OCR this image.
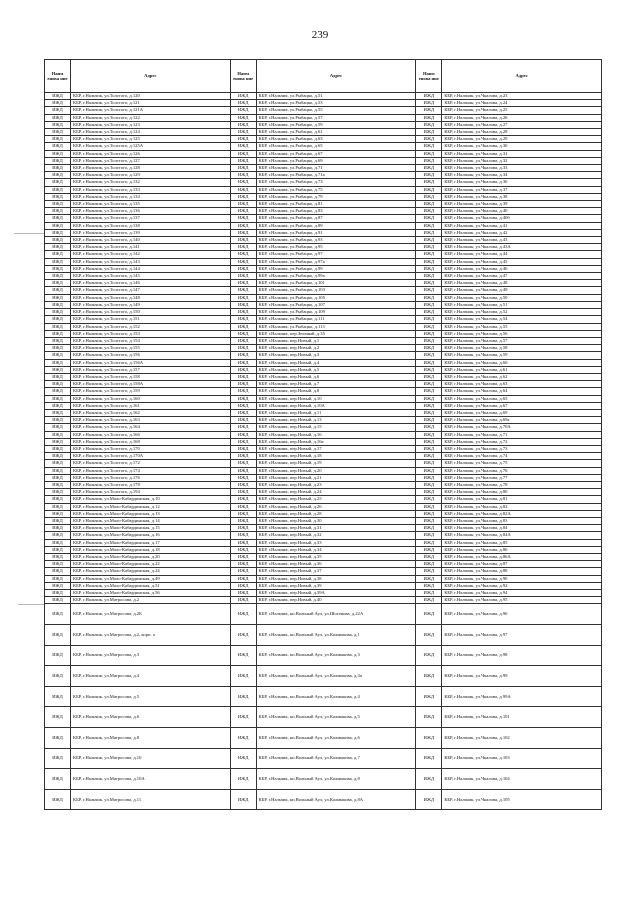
239
Наим енова ние	Адрес	Наим енова ние	Адрес	Наим енова ние	Адрес
ИЖД	КБР, г.Нальчик, ул.Толстого, д.120	ИЖД	КБР, г.Нальчик, ул.Рыбацко, д.51	ИЖД	КБР, г.Нальчик, ул.Чкалова, д.23
ИЖД	КБР, г.Нальчик, ул.Толстого, д.121	ИЖД	КБР, г.Нальчик, ул.Рыбацко, д.53	ИЖД	КБР, г.Нальчик, ул.Чкалова, д.24
ИЖД	КБР, г.Нальчик, ул.Толстого, д.121А	ИЖД	КБР, г.Нальчик, ул.Рыбацко, д.55	ИЖД	КБР, г.Нальчик, ул.Чкалова, д.25
ИЖД	КБР, г.Нальчик, ул.Толстого, д.122	ИЖД	КБР, г.Нальчик, ул.Рыбацко, д.57	ИЖД	КБР, г.Нальчик, ул.Чкалова, д.26
ИЖД	КБР, г.Нальчик, ул.Толстого, д.123	ИЖД	КБР, г.Нальчик, ул.Рыбацко, д.59	ИЖД	КБР, г.Нальчик, ул.Чкалова, д.27
ИЖД	КБР, г.Нальчик, ул.Толстого, д.124	ИЖД	КБР, г.Нальчик, ул.Рыбацко, д.61	ИЖД	КБР, г.Нальчик, ул.Чкалова, д.28
ИЖД	КБР, г.Нальчик, ул.Толстого, д.125	ИЖД	КБР, г.Нальчик, ул.Рыбацко, д.63	ИЖД	КБР, г.Нальчик, ул.Чкалова, д.29
ИЖД	КБР, г.Нальчик, ул.Толстого, д.125А	ИЖД	КБР, г.Нальчик, ул.Рыбацко, д.65	ИЖД	КБР, г.Нальчик, ул.Чкалова, д.30
ИЖД	КБР, г.Нальчик, ул.Толстого, д.126	ИЖД	КБР, г.Нальчик, ул.Рыбацко, д.67	ИЖД	КБР, г.Нальчик, ул.Чкалова, д.31
ИЖД	КБР, г.Нальчик, ул.Толстого, д.127	ИЖД	КБР, г.Нальчик, ул.Рыбацко, д.69	ИЖД	КБР, г.Нальчик, ул.Чкалова, д.32
ИЖД	КБР, г.Нальчик, ул.Толстого, д.128	ИЖД	КБР, г.Нальчик, ул.Рыбацко, д.71	ИЖД	КБР, г.Нальчик, ул.Чкалова, д.33
ИЖД	КБР, г.Нальчик, ул.Толстого, д.129	ИЖД	КБР, г.Нальчик, ул.Рыбацко, д.71а	ИЖД	КБР, г.Нальчик, ул.Чкалова, д.34
ИЖД	КБР, г.Нальчик, ул.Толстого, д.132	ИЖД	КБР, г.Нальчик, ул.Рыбацко, д.73	ИЖД	КБР, г.Нальчик, ул.Чкалова, д.36
ИЖД	КБР, г.Нальчик, ул.Толстого, д.133	ИЖД	КБР, г.Нальчик, ул.Рыбацко, д.75	ИЖД	КБР, г.Нальчик, ул.Чкалова, д.37
ИЖД	КБР, г.Нальчик, ул.Толстого, д.134	ИЖД	КБР, г.Нальчик, ул.Рыбацко, д.79	ИЖД	КБР, г.Нальчик, ул.Чкалова, д.38
ИЖД	КБР, г.Нальчик, ул.Толстого, д.135	ИЖД	КБР, г.Нальчик, ул.Рыбацко, д.81	ИЖД	КБР, г.Нальчик, ул.Чкалова, д.39
ИЖД	КБР, г.Нальчик, ул.Толстого, д.136	ИЖД	КБР, г.Нальчик, ул.Рыбацко, д.83	ИЖД	КБР, г.Нальчик, ул.Чкалова, д.40
ИЖД	КБР, г.Нальчик, ул.Толстого, д.137	ИЖД	КБР, г.Нальчик, ул.Рыбацко, д.87	ИЖД	КБР, г.Нальчик, ул.Чкалова, д.40б
ИЖД	КБР, г.Нальчик, ул.Толстого, д.138	ИЖД	КБР, г.Нальчик, ул.Рыбацко, д.89	ИЖД	КБР, г.Нальчик, ул.Чкалова, д.41
ИЖД	КБР, г.Нальчик, ул.Толстого, д.139	ИЖД	КБР, г.Нальчик, ул.Рыбацко, д.91	ИЖД	КБР, г.Нальчик, ул.Чкалова, д.42
ИЖД	КБР, г.Нальчик, ул.Толстого, д.140	ИЖД	КБР, г.Нальчик, ул.Рыбацко, д.93	ИЖД	КБР, г.Нальчик, ул.Чкалова, д.43
ИЖД	КБР, г.Нальчик, ул.Толстого, д.141	ИЖД	КБР, г.Нальчик, ул.Рыбацко, д.95	ИЖД	КБР, г.Нальчик, ул.Чкалова, д.43А
ИЖД	КБР, г.Нальчик, ул.Толстого, д.142	ИЖД	КБР, г.Нальчик, ул.Рыбацко, д.97	ИЖД	КБР, г.Нальчик, ул.Чкалова, д.44
ИЖД	КБР, г.Нальчик, ул.Толстого, д.143	ИЖД	КБР, г.Нальчик, ул.Рыбацко, д.97а	ИЖД	КБР, г.Нальчик, ул.Чкалова, д.45
ИЖД	КБР, г.Нальчик, ул.Толстого, д.144	ИЖД	КБР, г.Нальчик, ул.Рыбацко, д.99	ИЖД	КБР, г.Нальчик, ул.Чкалова, д.46
ИЖД	КБР, г.Нальчик, ул.Толстого, д.145	ИЖД	КБР, г.Нальчик, ул.Рыбацко, д.99а	ИЖД	КБР, г.Нальчик, ул.Чкалова, д.47
ИЖД	КБР, г.Нальчик, ул.Толстого, д.146	ИЖД	КБР, г.Нальчик, ул.Рыбацко, д.101	ИЖД	КБР, г.Нальчик, ул.Чкалова, д.48
ИЖД	КБР, г.Нальчик, ул.Толстого, д.147	ИЖД	КБР, г.Нальчик, ул.Рыбацко, д.103	ИЖД	КБР, г.Нальчик, ул.Чкалова, д.49
ИЖД	КБР, г.Нальчик, ул.Толстого, д.148	ИЖД	КБР, г.Нальчик, ул.Рыбацко, д.105	ИЖД	КБР, г.Нальчик, ул.Чкалова, д.50
ИЖД	КБР, г.Нальчик, ул.Толстого, д.149	ИЖД	КБР, г.Нальчик, ул.Рыбацко, д.107	ИЖД	КБР, г.Нальчик, ул.Чкалова, д.51
ИЖД	КБР, г.Нальчик, ул.Толстого, д.150	ИЖД	КБР, г.Нальчик, ул.Рыбацко, д.109	ИЖД	КБР, г.Нальчик, ул.Чкалова, д.52
ИЖД	КБР, г.Нальчик, ул.Толстого, д.151	ИЖД	КБР, г.Нальчик, ул.Рыбацко, д.111	ИЖД	КБР, г.Нальчик, ул.Чкалова, д.54
ИЖД	КБР, г.Нальчик, ул.Толстого, д.152	ИЖД	КБР, г.Нальчик, ул.Рыбацко, д.113	ИЖД	КБР, г.Нальчик, ул.Чкалова, д.55
ИЖД	КБР, г.Нальчик, ул.Толстого, д.153	ИЖД	КБР, г.Нальчик, пер.Зеленый, д.35	ИЖД	КБР, г.Нальчик, ул.Чкалова, д.56
ИЖД	КБР, г.Нальчик, ул.Толстого, д.154	ИЖД	КБР, г.Нальчик, пер.Новый, д.1	ИЖД	КБР, г.Нальчик, ул.Чкалова, д.57
ИЖД	КБР, г.Нальчик, ул.Толстого, д.155	ИЖД	КБР, г.Нальчик, пер.Новый, д.2	ИЖД	КБР, г.Нальчик, ул.Чкалова, д.58
ИЖД	КБР, г.Нальчик, ул.Толстого, д.156	ИЖД	КБР, г.Нальчик, пер.Новый, д.3	ИЖД	КБР, г.Нальчик, ул.Чкалова, д.59
ИЖД	КБР, г.Нальчик, ул.Толстого, д.156А	ИЖД	КБР, г.Нальчик, пер.Новый, д.4	ИЖД	КБР, г.Нальчик, ул.Чкалова, д.60
ИЖД	КБР, г.Нальчик, ул.Толстого, д.157	ИЖД	КБР, г.Нальчик, пер.Новый, д.5	ИЖД	КБР, г.Нальчик, ул.Чкалова, д.61
ИЖД	КБР, г.Нальчик, ул.Толстого, д.158	ИЖД	КБР, г.Нальчик, пер.Новый, д.6	ИЖД	КБР, г.Нальчик, ул.Чкалова, д.62
ИЖД	КБР, г.Нальчик, ул.Толстого, д.158А	ИЖД	КБР, г.Нальчик, пер.Новый, д.7	ИЖД	КБР, г.Нальчик, ул.Чкалова, д.63
ИЖД	КБР, г.Нальчик, ул.Толстого, д.159	ИЖД	КБР, г.Нальчик, пер.Новый, д.8	ИЖД	КБР, г.Нальчик, ул.Чкалова, д.64
ИЖД	КБР, г.Нальчик, ул.Толстого, д.160	ИЖД	КБР, г.Нальчик, пер.Новый, д.10	ИЖД	КБР, г.Нальчик, ул.Чкалова, д.65
ИЖД	КБР, г.Нальчик, ул.Толстого, д.161	ИЖД	КБР, г.Нальчик, пер.Новый, д.10А	ИЖД	КБР, г.Нальчик, ул.Чкалова, д.67
ИЖД	КБР, г.Нальчик, ул.Толстого, д.162	ИЖД	КБР, г.Нальчик, пер.Новый, д.11	ИЖД	КБР, г.Нальчик, ул.Чкалова, д.69
ИЖД	КБР, г.Нальчик, ул.Толстого, д.163	ИЖД	КБР, г.Нальчик, пер.Новый, д.13	ИЖД	КБР, г.Нальчик, ул.Чкалова, д.69а
ИЖД	КБР, г.Нальчик, ул.Толстого, д.164	ИЖД	КБР, г.Нальчик, пер.Новый, д.15	ИЖД	КБР, г.Нальчик, ул.Чкалова, д.70А
ИЖД	КБР, г.Нальчик, ул.Толстого, д.166	ИЖД	КБР, г.Нальчик, пер.Новый, д.16	ИЖД	КБР, г.Нальчик, ул.Чкалова, д.71
ИЖД	КБР, г.Нальчик, ул.Толстого, д.168	ИЖД	КБР, г.Нальчик, пер.Новый, д.16а	ИЖД	КБР, г.Нальчик, ул.Чкалова, д.72
ИЖД	КБР, г.Нальчик, ул.Толстого, д.170	ИЖД	КБР, г.Нальчик, пер.Новый, д.17	ИЖД	КБР, г.Нальчик, ул.Чкалова, д.73
ИЖД	КБР, г.Нальчик, ул.Толстого, д.170А	ИЖД	КБР, г.Нальчик, пер.Новый, д.18	ИЖД	КБР, г.Нальчик, ул.Чкалова, д.74
ИЖД	КБР, г.Нальчик, ул.Толстого, д.172	ИЖД	КБР, г.Нальчик, пер.Новый, д.19	ИЖД	КБР, г.Нальчик, ул.Чкалова, д.75
ИЖД	КБР, г.Нальчик, ул.Толстого, д.174	ИЖД	КБР, г.Нальчик, пер.Новый, д.20	ИЖД	КБР, г.Нальчик, ул.Чкалова, д.76
ИЖД	КБР, г.Нальчик, ул.Толстого, д.176	ИЖД	КБР, г.Нальчик, пер.Новый, д.21	ИЖД	КБР, г.Нальчик, ул.Чкалова, д.77
ИЖД	КБР, г.Нальчик, ул.Толстого, д.178	ИЖД	КБР, г.Нальчик, пер.Новый, д.23	ИЖД	КБР, г.Нальчик, ул.Чкалова, д.78
ИЖД	КБР, г.Нальчик, ул.Толстого, д.194	ИЖД	КБР, г.Нальчик, пер.Новый, д.24	ИЖД	КБР, г.Нальчик, ул.Чкалова, д.80
ИЖД	КБР, г.Нальчик, ул.Мало-Кабардинская, д.10	ИЖД	КБР, г.Нальчик, пер.Новый, д.25	ИЖД	КБР, г.Нальчик, ул.Чкалова, д.81
ИЖД	КБР, г.Нальчик, ул.Мало-Кабардинская, д.12	ИЖД	КБР, г.Нальчик, пер.Новый, д.26	ИЖД	КБР, г.Нальчик, ул.Чкалова, д.82
ИЖД	КБР, г.Нальчик, ул.Мало-Кабардинская, д.13	ИЖД	КБР, г.Нальчик, пер.Новый, д.28	ИЖД	КБР, г.Нальчик, ул.Чкалова, д.82А
ИЖД	КБР, г.Нальчик, ул.Мало-Кабардинская, д.14	ИЖД	КБР, г.Нальчик, пер.Новый, д.30	ИЖД	КБР, г.Нальчик, ул.Чкалова, д.83
ИЖД	КБР, г.Нальчик, ул.Мало-Кабардинская, д.15	ИЖД	КБР, г.Нальчик, пер.Новый, д.31	ИЖД	КБР, г.Нальчик, ул.Чкалова, д.84
ИЖД	КБР, г.Нальчик, ул.Мало-Кабардинская, д.16	ИЖД	КБР, г.Нальчик, пер.Новый, д.32	ИЖД	КБР, г.Нальчик, ул.Чкалова, д.84А
ИЖД	КБР, г.Нальчик, ул.Мало-Кабардинская, д.17	ИЖД	КБР, г.Нальчик, пер.Новый, д.33	ИЖД	КБР, г.Нальчик, ул.Чкалова, д.85
ИЖД	КБР, г.Нальчик, ул.Мало-Кабардинская, д.18	ИЖД	КБР, г.Нальчик, пер.Новый, д.34	ИЖД	КБР, г.Нальчик, ул.Чкалова, д.86
ИЖД	КБР, г.Нальчик, ул.Мало-Кабардинская, д.20	ИЖД	КБР, г.Нальчик, пер.Новый, д.35	ИЖД	КБР, г.Нальчик, ул.Чкалова, д.86А
ИЖД	КБР, г.Нальчик, ул.Мало-Кабардинская, д.22	ИЖД	КБР, г.Нальчик, пер.Новый, д.36	ИЖД	КБР, г.Нальчик, ул.Чкалова, д.87
ИЖД	КБР, г.Нальчик, ул.Мало-Кабардинская, д.24	ИЖД	КБР, г.Нальчик, пер.Новый, д.37	ИЖД	КБР, г.Нальчик, ул.Чкалова, д.88
ИЖД	КБР, г.Нальчик, ул.Мало-Кабардинская, д.49	ИЖД	КБР, г.Нальчик, пер.Новый, д.38	ИЖД	КБР, г.Нальчик, ул.Чкалова, д.90
ИЖД	КБР, г.Нальчик, ул.Мало-Кабардинская, д.51	ИЖД	КБР, г.Нальчик, пер.Новый, д.39	ИЖД	КБР, г.Нальчик, ул.Чкалова, д.92
ИЖД	КБР, г.Нальчик, ул.Мало-Кабардинская, д.56	ИЖД	КБР, г.Нальчик, пер.Новый, д.39А	ИЖД	КБР, г.Нальчик, ул.Чкалова, д.94
ИЖД	КБР, г.Нальчик, ул.Матросова, д.2	ИЖД	КБР, г.Нальчик, пер.Новый, д.40	ИЖД	КБР, г.Нальчик, ул.Чкалова, д.95
ИЖД	КБР, г.Нальчик, ул.Матросова, д.2Б	ИЖД	КБР, г.Нальчик, кп.Вольный Аул, ул.Шогенова, д.22А	ИЖД	КБР, г.Нальчик, ул.Чкалова, д.96
ИЖД	КБР, г.Нальчик, ул.Матросова, д.2, корп. а	ИЖД	КБР, г.Нальчик, кп.Вольный Аул, ул.Калмыкова, д.1	ИЖД	КБР, г.Нальчик, ул.Чкалова, д.97
ИЖД	КБР, г.Нальчик, ул.Матросова, д.3	ИЖД	КБР, г.Нальчик, кп.Вольный Аул, ул.Калмыкова, д.3	ИЖД	КБР, г.Нальчик, ул.Чкалова, д.98
ИЖД	КБР, г.Нальчик, ул.Матросова, д.4	ИЖД	КБР, г.Нальчик, кп.Вольный Аул, ул.Калмыкова, д.3а	ИЖД	КБР, г.Нальчик, ул.Чкалова, д.99
ИЖД	КБР, г.Нальчик, ул.Матросова, д.5	ИЖД	КБР, г.Нальчик, кп.Вольный Аул, ул.Калмыкова, д.4	ИЖД	КБР, г.Нальчик, ул.Чкалова, д.99А
ИЖД	КБР, г.Нальчик, ул.Матросова, д.6	ИЖД	КБР, г.Нальчик, кп.Вольный Аул, ул.Калмыкова, д.5	ИЖД	КБР, г.Нальчик, ул.Чкалова, д.101
ИЖД	КБР, г.Нальчик, ул.Матросова, д.8	ИЖД	КБР, г.Нальчик, кп.Вольный Аул, ул.Калмыкова, д.6	ИЖД	КБР, г.Нальчик, ул.Чкалова, д.102
ИЖД	КБР, г.Нальчик, ул.Матросова, д.10	ИЖД	КБР, г.Нальчик, кп.Вольный Аул, ул.Калмыкова, д.7	ИЖД	КБР, г.Нальчик, ул.Чкалова, д.103
ИЖД	КБР, г.Нальчик, ул.Матросова, д.10А	ИЖД	КБР, г.Нальчик, кп.Вольный Аул, ул.Калмыкова, д.8	ИЖД	КБР, г.Нальчик, ул.Чкалова, д.104
ИЖД	КБР, г.Нальчик, ул.Матросова, д.11	ИЖД	КБР, г.Нальчик, кп.Вольный Аул, ул.Калмыкова, д.8А	ИЖД	КБР, г.Нальчик, ул.Чкалова, д.105
